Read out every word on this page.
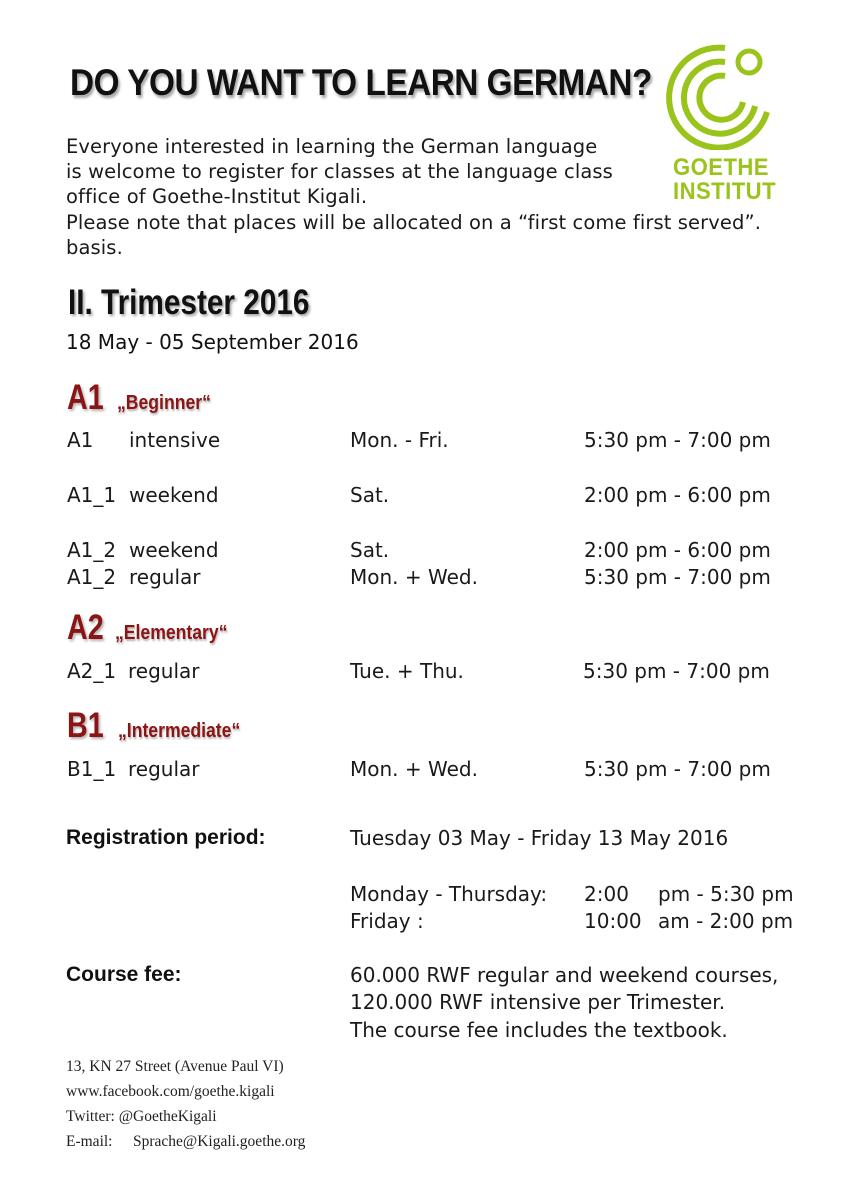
DO YOU WANT TO LEARN GERMAN?
Everyone interested in learning the German language
is welcome to register for classes at the language class
office of Goethe-Institut Kigali.
Please note that places will be allocated on a “first come first served”.
basis.
GOETHE
INSTITUT
II. Trimester 2016
18 May - 05 September 2016
A1 „Beginner“
A1 intensive	Mon. - Fri.	5:30 pm - 7:00 pm
A1_1 weekend	Sat.	2:00 pm - 6:00 pm
A1_2 weekend	Sat.	2:00 pm - 6:00 pm
A1_2 regular	Mon. + Wed.	5:30 pm - 7:00 pm
A2 „Elementary“
A2_1 regular	Tue. + Thu.	5:30 pm - 7:00 pm
B1 „Intermediate“
B1_1 regular	Mon. + Wed.	5:30 pm - 7:00 pm
Registration period:	Tuesday 03 May - Friday 13 May 2016
Monday - Thursday: 2:00 pm - 5:30 pm
Friday :	10:00 am - 2:00 pm
Course fee:	60.000 RWF regular and weekend courses,
120.000 RWF intensive per Trimester.
The course fee includes the textbook.
13, KN 27 Street (Avenue Paul VI)
www.facebook.com/goethe.kigali
Twitter: @GoetheKigali
E-mail: Sprache@Kigali.goethe.org
